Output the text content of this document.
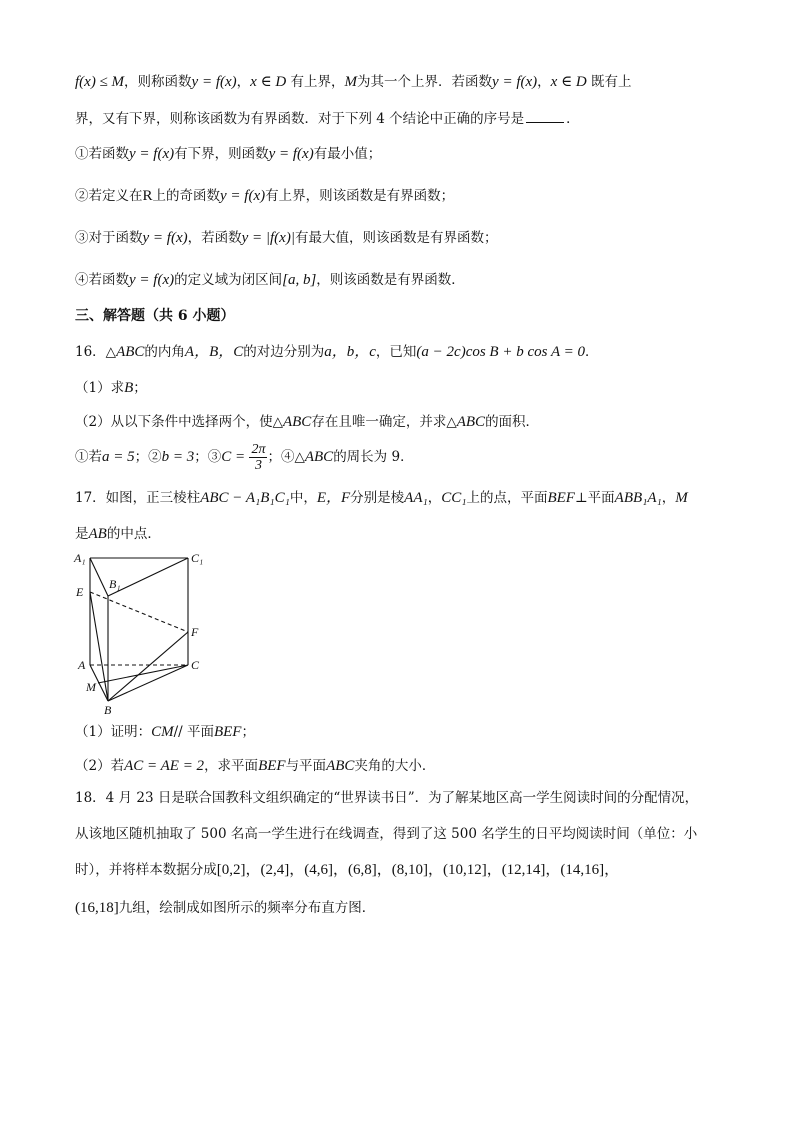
f(x) ≤ M，则称函数y = f(x)，x ∈ D 有上界，M为其一个上界．若函数y = f(x)，x ∈ D 既有上
界，又有下界，则称该函数为有界函数．对于下列 4 个结论中正确的序号是	．
①若函数y = f(x)有下界，则函数y = f(x)有最小值；
②若定义在R上的奇函数y = f(x)有上界，则该函数是有界函数；
③对于函数y = f(x)，若函数y = |f(x)|有最大值，则该函数是有界函数；
④若函数y = f(x)的定义域为闭区间[a, b]，则该函数是有界函数．
三、解答题（共 6 小题）
16．△ABC的内角A，B，C的对边分别为a，b，c，已知(a − 2c)cos B + b cos A = 0．
（1）求B；
（2）从以下条件中选择两个，使△ABC存在且唯一确定，并求△ABC的面积．
①若a = 5；②b = 3；③C = $\frac{2\pi}{3}$ ；④△ABC的周长为 9．
17．如图，正三棱柱ABC − A₁B₁C₁中，E，F分别是棱AA₁，CC₁上的点，平面BEF⊥平面ABB₁A₁，M
是AB的中点．
A₁	C₁
B₁
E
F
A	C
M
B
（1）证明：CM// 平面BEF；
（2）若AC = AE = 2，求平面BEF与平面ABC夹角的大小．
18．4 月 23 日是联合国教科文组织确定的“世界读书日”．为了解某地区高一学生阅读时间的分配情况，
从该地区随机抽取了 500 名高一学生进行在线调查，得到了这 500 名学生的日平均阅读时间（单位：小
时），并将样本数据分成[0,2]，(2,4]，(4,6]，(6,8]，(8,10]，(10,12]，(12,14]，(14,16]，
(16,18]九组，绘制成如图所示的频率分布直方图．
